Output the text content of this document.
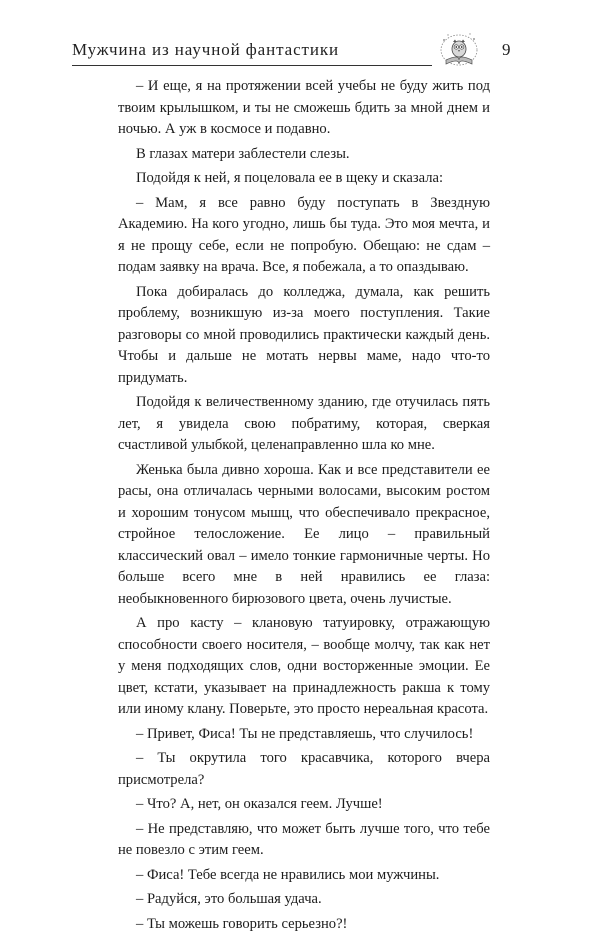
Мужчина из научной фантастики	9

– И еще, я на протяжении всей учебы не буду жить под твоим крылышком, и ты не сможешь бдить за мной днем и ночью. А уж в космосе и подавно.

В глазах матери заблестели слезы.

Подойдя к ней, я поцеловала ее в щеку и сказала:

– Мам, я все равно буду поступать в Звездную Академию. На кого угодно, лишь бы туда. Это моя мечта, и я не прощу себе, если не попробую. Обещаю: не сдам – подам заявку на врача. Все, я побежала, а то опаздываю.

Пока добиралась до колледжа, думала, как решить проблему, возникшую из-за моего поступления. Такие разговоры со мной проводились практически каждый день. Чтобы и дальше не мотать нервы маме, надо что-то придумать.

Подойдя к величественному зданию, где отучилась пять лет, я увидела свою побратиму, которая, сверкая счастливой улыбкой, целенаправленно шла ко мне.

Женька была дивно хороша. Как и все представители ее расы, она отличалась черными волосами, высоким ростом и хорошим тонусом мышц, что обеспечивало прекрасное, стройное телосложение. Ее лицо – правильный классический овал – имело тонкие гармоничные черты. Но больше всего мне в ней нравились ее глаза: необыкновенного бирюзового цвета, очень лучистые.

А про касту – клановую татуировку, отражающую способности своего носителя, – вообще молчу, так как нет у меня подходящих слов, одни восторженные эмоции. Ее цвет, кстати, указывает на принадлежность ракша к тому или иному клану. Поверьте, это просто нереальная красота.

– Привет, Фиса! Ты не представляешь, что случилось!

– Ты окрутила того красавчика, которого вчера присмотрела?

– Что? А, нет, он оказался геем. Лучше!

– Не представляю, что может быть лучше того, что тебе не повезло с этим геем.

– Фиса! Тебе всегда не нравились мои мужчины.

– Радуйся, это большая удача.

– Ты можешь говорить серьезно?!
